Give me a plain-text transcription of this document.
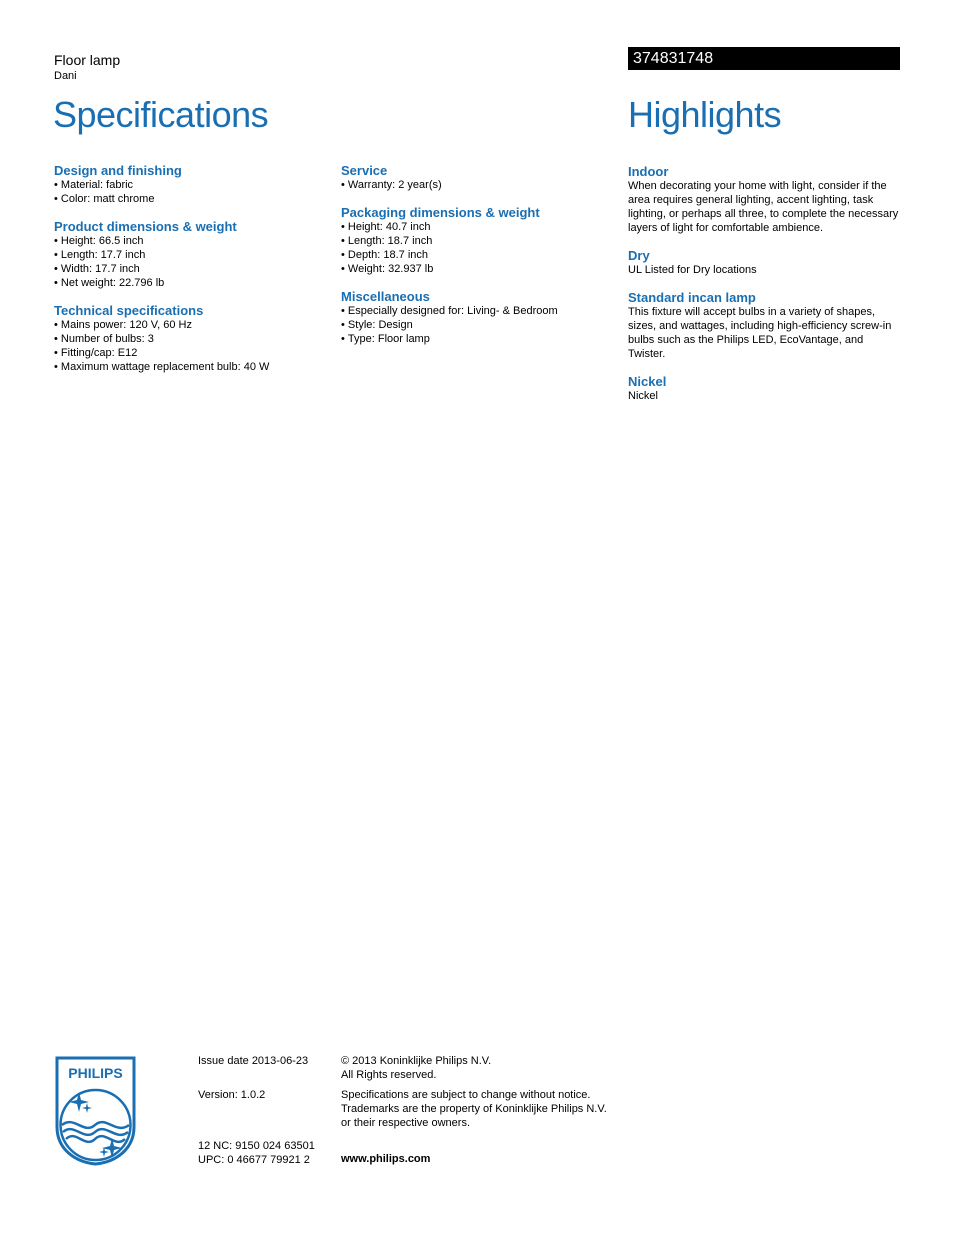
Floor lamp
Dani
374831748
Specifications	Highlights
Design and finishing
• Material: fabric
• Color: matt chrome
Product dimensions & weight
• Height: 66.5 inch
• Length: 17.7 inch
• Width: 17.7 inch
• Net weight: 22.796 lb
Technical specifications
• Mains power: 120 V, 60 Hz
• Number of bulbs: 3
• Fitting/cap: E12
• Maximum wattage replacement bulb: 40 W
Service
• Warranty: 2 year(s)
Packaging dimensions & weight
• Height: 40.7 inch
• Length: 18.7 inch
• Depth: 18.7 inch
• Weight: 32.937 lb
Miscellaneous
• Especially designed for: Living- & Bedroom
• Style: Design
• Type: Floor lamp
Indoor

When decorating your home with light, consider if the area requires general lighting, accent lighting, task lighting, or perhaps all three, to complete the necessary layers of light for comfortable ambience.

Dry

UL Listed for Dry locations

Standard incan lamp

This fixture will accept bulbs in a variety of shapes, sizes, and wattages, including high-efficiency screw-in bulbs such as the Philips LED, EcoVantage, and Twister.

Nickel

Nickel

PHILIPS
Issue date 2013-06-23
Version: 1.0.2
12 NC: 9150 024 63501
UPC: 0 46677 79921 2
© 2013 Koninklijke Philips N.V.
All Rights reserved.
Specifications are subject to change without notice.
Trademarks are the property of Koninklijke Philips N.V.
or their respective owners.
www.philips.com
